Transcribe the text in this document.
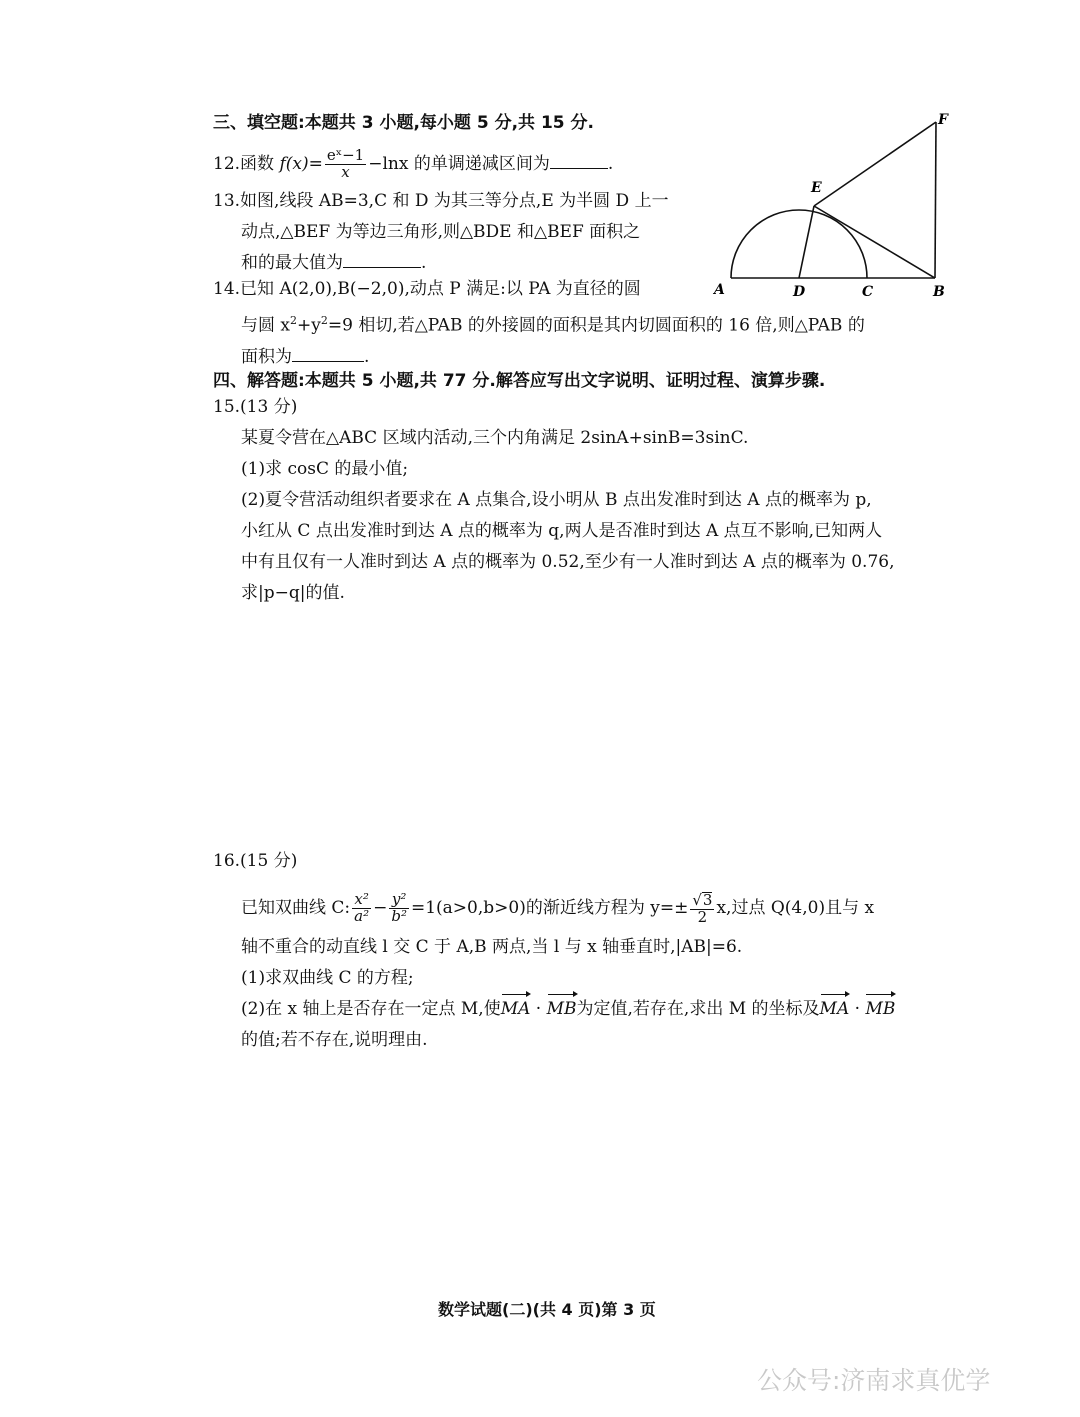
三、填空题:本题共 3 小题,每小题 5 分,共 15 分.
12.函数 $f(x)= \frac{\text{eˣ−1}}{x} -\ln x$ 的单调递减区间为	.
13.如图,线段 AB=3,C 和 D 为其三等分点,E 为半圆 D 上一
动点,△BEF 为等边三角形,则△BDE 和△BEF 面积之
和的最大值为	.
A	D	C	B
E
F
14.已知 A(2,0),B(−2,0),动点 P 满足:以 PA 为直径的圆
与圆 $x^2+y^2=9$ 相切,若△PAB 的外接圆的面积是其内切圆面积的 16 倍,则△PAB 的
面积为	.
四、解答题:本题共 5 小题,共 77 分.解答应写出文字说明、证明过程、演算步骤.
15.(13 分)
某夏令营在△ABC 区域内活动,三个内角满足 2sinA+sinB=3sinC.
(1)求 cosC 的最小值;
(2)夏令营活动组织者要求在 A 点集合,设小明从 B 点出发准时到达 A 点的概率为 p,
小红从 C 点出发准时到达 A 点的概率为 q,两人是否准时到达 A 点互不影响,已知两人
中有且仅有一人准时到达 A 点的概率为 0.52,至少有一人准时到达 A 点的概率为 0.76,
求|p−q|的值.
16.(15 分)
已知双曲线 C: $\frac{\text{x²}}{\text{a²}} - \frac{\text{y²}}{\text{b²}} =1(a>0,b>0)$的渐近线方程为 $y=\pm \frac{√3}{2} x$,过点 Q(4,0)且与 x
轴不重合的动直线 l 交 C 于 A,B 两点,当 l 与 x 轴垂直时,|AB|=6.
(1)求双曲线 C 的方程;
(2)在 x 轴上是否存在一定点 M,使MA · MB为定值,若存在,求出 M 的坐标及MA · MB
的值;若不存在,说明理由.
数学试题(二)(共 4 页)第 3 页
公众号:济南求真优学
